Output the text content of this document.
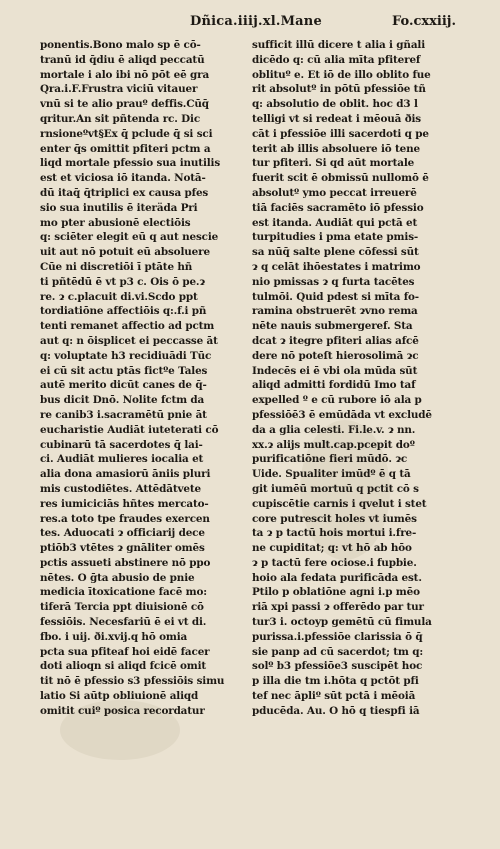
Dñica.iiij.xl.Mane	Fo.cxxiij.
ponentis.Bono malo sp ē cō-
tranū id q̄diu ē aliqd peccatū
mortale i alo ibi nō pōt eē gra
Qra.i.F.Frustra viciū vitauer
vnū si te alio prauº deffis.Cūq̄
qritur.An sit pñtenda rc. Dic
rnsioneºvt§Ex q̄ pclude q̄ si sci
enter q̄s omittit pfiteri pctm a
liqd mortale pfessio sua inutilis
est et viciosa iō itanda. Notā-
dū itaq̄ q̄triplici ex causa pfes
sio sua inutilis ē iteräda Pri
mo pter abusionē electiōis
q: sciēter elegit eū q aut nescie
uit aut nō potuit eū absoluere
Cūe ni discretiōi ī ptāte hñ
ti pñtēdū ē vt p3 c. Ois ō pe.ɂ
re. ɂ c.placuit di.vi.Scdo ppt
tordiatiōne affectiōis q:.f.i pñ
tenti remanet affectio ad pctm
aut q: n ōisplicet ei peccasse āt
q: voluptate h3 recidiuādi Tūc
ei cū sit actu ptās fictºe Tales
autē merito dicūt canes de q̄-
bus dicit Dnō. Nolite fctm da
re canib3 i.sacramētū pnie āt
eucharistie Audiāt iuteterati cō
cubinarū tā sacerdotes q̄ lai-
ci. Audiāt mulieres iocalia et
alia dona amasiorū āniis pluri
mis custodiētes. Attēdātvete
res iumiciciās hñtes mercato-
res.a toto tpe fraudes exercen
tes. Aduocati ɂ officiarij dece
ptiōb3 vtētes ɂ gnāliter omēs
pctis assueti abstinere nō ppo
nētes. O ḡta abusio de pnie
medicia ītoxicatione facē mo:
tiferā Tercia ppt diuisionē cō
fessiōis. Necesfariū ē ei vt di.
fbo. i uij. ði.xvij.q hō omia
pcta sua pfiteaf hoi eidē facer
doti alioqn si aliqd fcicē omit
tit nō ē pfessio s3 pfessiōis simu
latio Si aūtp obliuionē aliqd
omitit cuiº posica recordatur
sufficit illū dicere t alia i gñali
dicēdo q: cū alia mīta pfiteref
oblituº e. Et iō de illo oblito fue
rit absolutº in pōtū pfessiōe tñ
q: absolutio de oblit. hoc d3 l
telligi vt si redeat i mēouā ðis
cāt i pfessiōe illi sacerdoti q pe
terit ab illis absoluere iō tene
tur pfiteri. Si qd aūt mortale
fuerit scit ē obmissū nullomō ē
absolutº ymo peccat irreuerē
tiā faciēs sacramēto iō pfessio
est itanda. Audiāt qui pctā et
turpitudies i pma etate pmis-
sa nūq̄ salte plene cōfessi sūt
ɂ q celāt ihōestates i matrimo
nio pmissas ɂ q furta tacētes
tulmōi. Quid pdest si mīta fo-
ramina obstruerēt ɂvno rema
nēte nauis submergeref. Sta
dcat ɂ itegre pfiteri alias afcē
dere nō poteſt hierosolimā ɂc
Indecēs ei ē vbi ola mūda sūt
aliqd admitti fordidū Imo taf
expelled º e cū rubore iō ala p
pfessiōē3 ē emūdāda vt excludē
da a glia celesti. Fi.le.v. ɂ nn.
xx.ɂ alijs mult.cap.pcepit doº
purificatiōne fieri mūdō. ɂc
Uide. Spualiter imūdº ē q tā
git iumēū mortuū q pctit cō s
cupiscētie carnis i qvelut i stet
core putrescit holes vt iumēs
ta ɂ p tactū hois mortui i.fre-
ne cupiditat; q: vt hō ab hōo
ɂ p tactū fere ociose.i fupbie.
hoio ala fedata purificāda est.
Ptilo p oblatiōne agni i.p mēo
riā xpi passi ɂ offerēdo par tur
tur3 i. octoyp gemētū cū fimula
purissa.i.pfessiōe clarissia ō q̄
sie panp ad cū sacerdot; tm q:
solº b3 pfessiōe3 suscipēt hoc
p illa die tm i.hōta q pctōt pfi
tef nec āpliº sūt pctā i mēoiā
pducēda. Au. O hō q tiespfi iā
